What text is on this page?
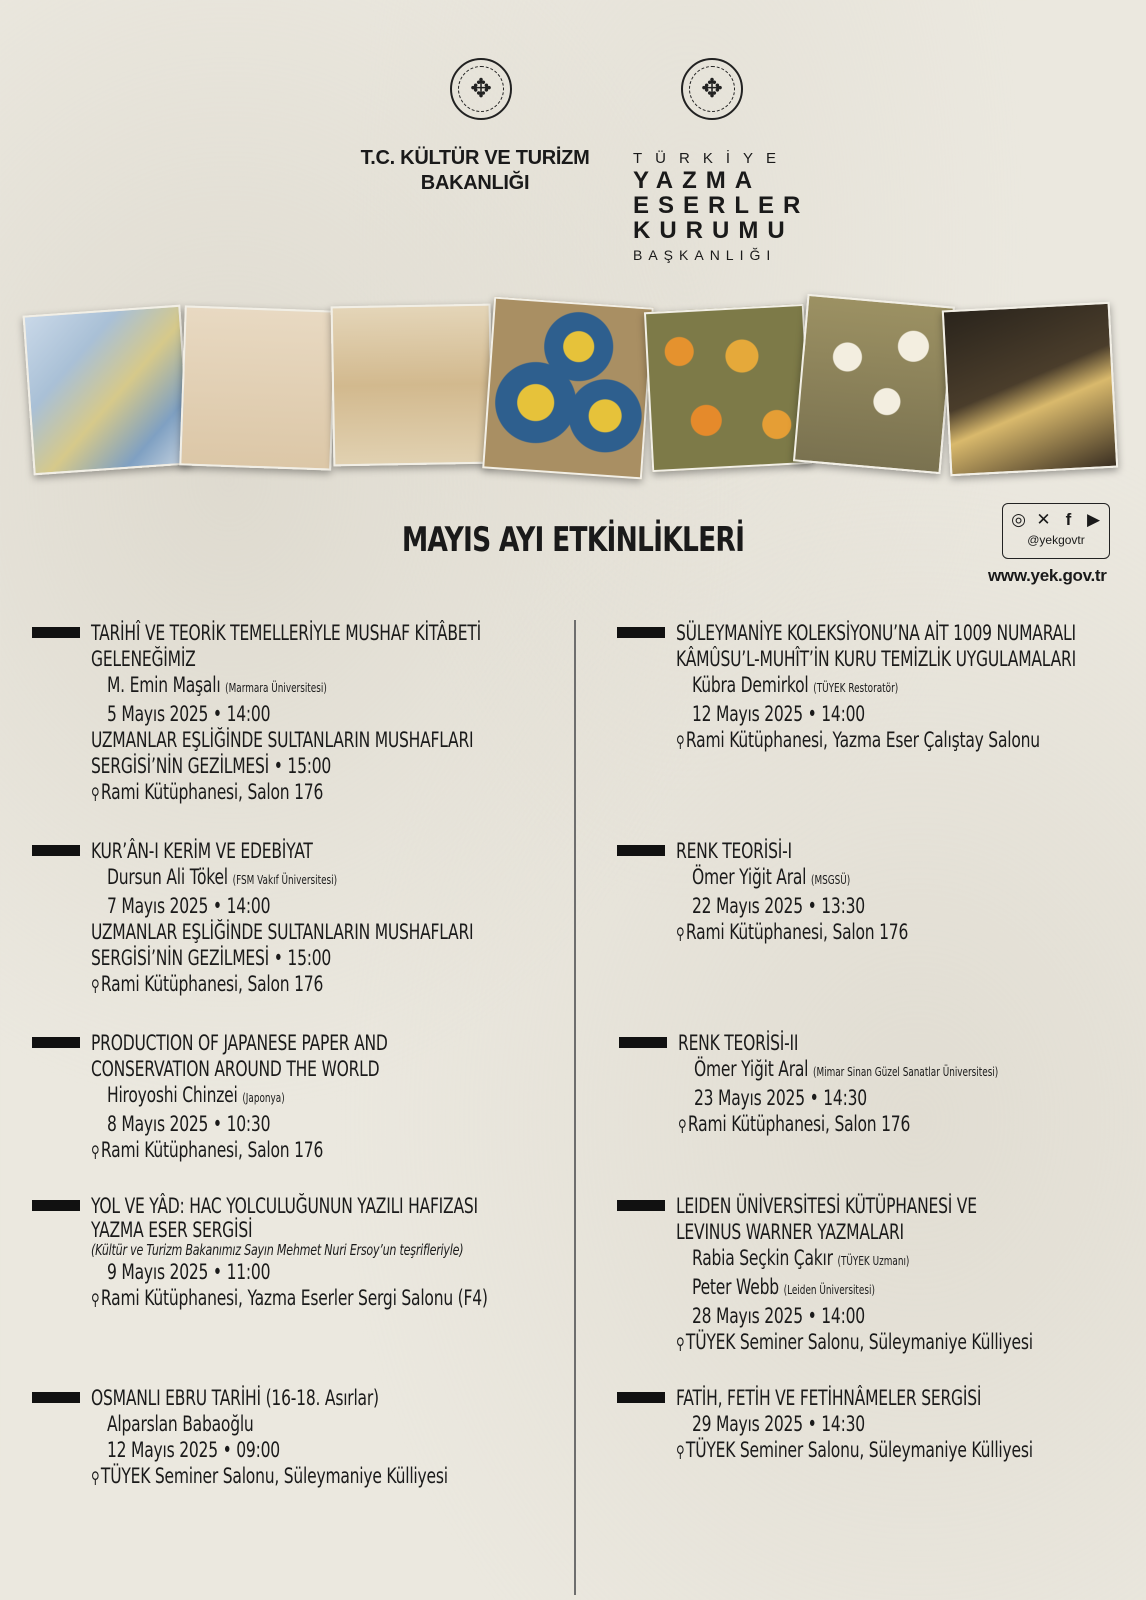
✥
✥
T.C. KÜLTÜR VE TURİZM
BAKANLIĞI
TÜRKİYE
YAZMA
ESERLER
KURUMU
BAŞKANLIĞI
MAYIS AYI ETKİNLİKLERİ	◎ ✕ f ▶
@yekgovtr
www.yek.gov.tr
TARİHÎ VE TEORİK TEMELLERİYLE MUSHAF KİTÂBETİ
GELENEĞİMİZ
M. Emin Maşalı (Marmara Üniversitesi)
5 Mayıs 2025 • 14:00
UZMANLAR EŞLİĞİNDE SULTANLARIN MUSHAFLARI
SERGİSİ’NİN GEZİLMESİ • 15:00
⚲Rami Kütüphanesi, Salon 176
KUR’ÂN-I KERİM VE EDEBİYAT
Dursun Ali Tökel (FSM Vakıf Üniversitesi)
7 Mayıs 2025 • 14:00
UZMANLAR EŞLİĞİNDE SULTANLARIN MUSHAFLARI
SERGİSİ’NİN GEZİLMESİ • 15:00
⚲Rami Kütüphanesi, Salon 176
PRODUCTION OF JAPANESE PAPER AND
CONSERVATION AROUND THE WORLD
Hiroyoshi Chinzei (Japonya)
8 Mayıs 2025 • 10:30
⚲Rami Kütüphanesi, Salon 176
YOL VE YÂD: HAC YOLCULUĞUNUN YAZILI HAFIZASI
YAZMA ESER SERGİSİ
(Kültür ve Turizm Bakanımız Sayın Mehmet Nuri Ersoy’un teşrifleriyle)
9 Mayıs 2025 • 11:00
⚲Rami Kütüphanesi, Yazma Eserler Sergi Salonu (F4)
OSMANLI EBRU TARİHİ (16-18. Asırlar)
Alparslan Babaoğlu
12 Mayıs 2025 • 09:00
⚲TÜYEK Seminer Salonu, Süleymaniye Külliyesi
SÜLEYMANİYE KOLEKSİYONU’NA AİT 1009 NUMARALI
KÂMÛSU’L-MUHÎT’İN KURU TEMİZLİK UYGULAMALARI
Kübra Demirkol (TÜYEK Restoratör)
12 Mayıs 2025 • 14:00
⚲Rami Kütüphanesi, Yazma Eser Çalıştay Salonu
RENK TEORİSİ-I
Ömer Yiğit Aral (MSGSÜ)
22 Mayıs 2025 • 13:30
⚲Rami Kütüphanesi, Salon 176
RENK TEORİSİ-II
Ömer Yiğit Aral (Mimar Sinan Güzel Sanatlar Üniversitesi)
23 Mayıs 2025 • 14:30
⚲Rami Kütüphanesi, Salon 176
LEIDEN ÜNİVERSİTESİ KÜTÜPHANESİ VE
LEVINUS WARNER YAZMALARI
Rabia Seçkin Çakır (TÜYEK Uzmanı)
Peter Webb (Leiden Üniversitesi)
28 Mayıs 2025 • 14:00
⚲TÜYEK Seminer Salonu, Süleymaniye Külliyesi
FATİH, FETİH VE FETİHNÂMELER SERGİSİ
29 Mayıs 2025 • 14:30
⚲TÜYEK Seminer Salonu, Süleymaniye Külliyesi
